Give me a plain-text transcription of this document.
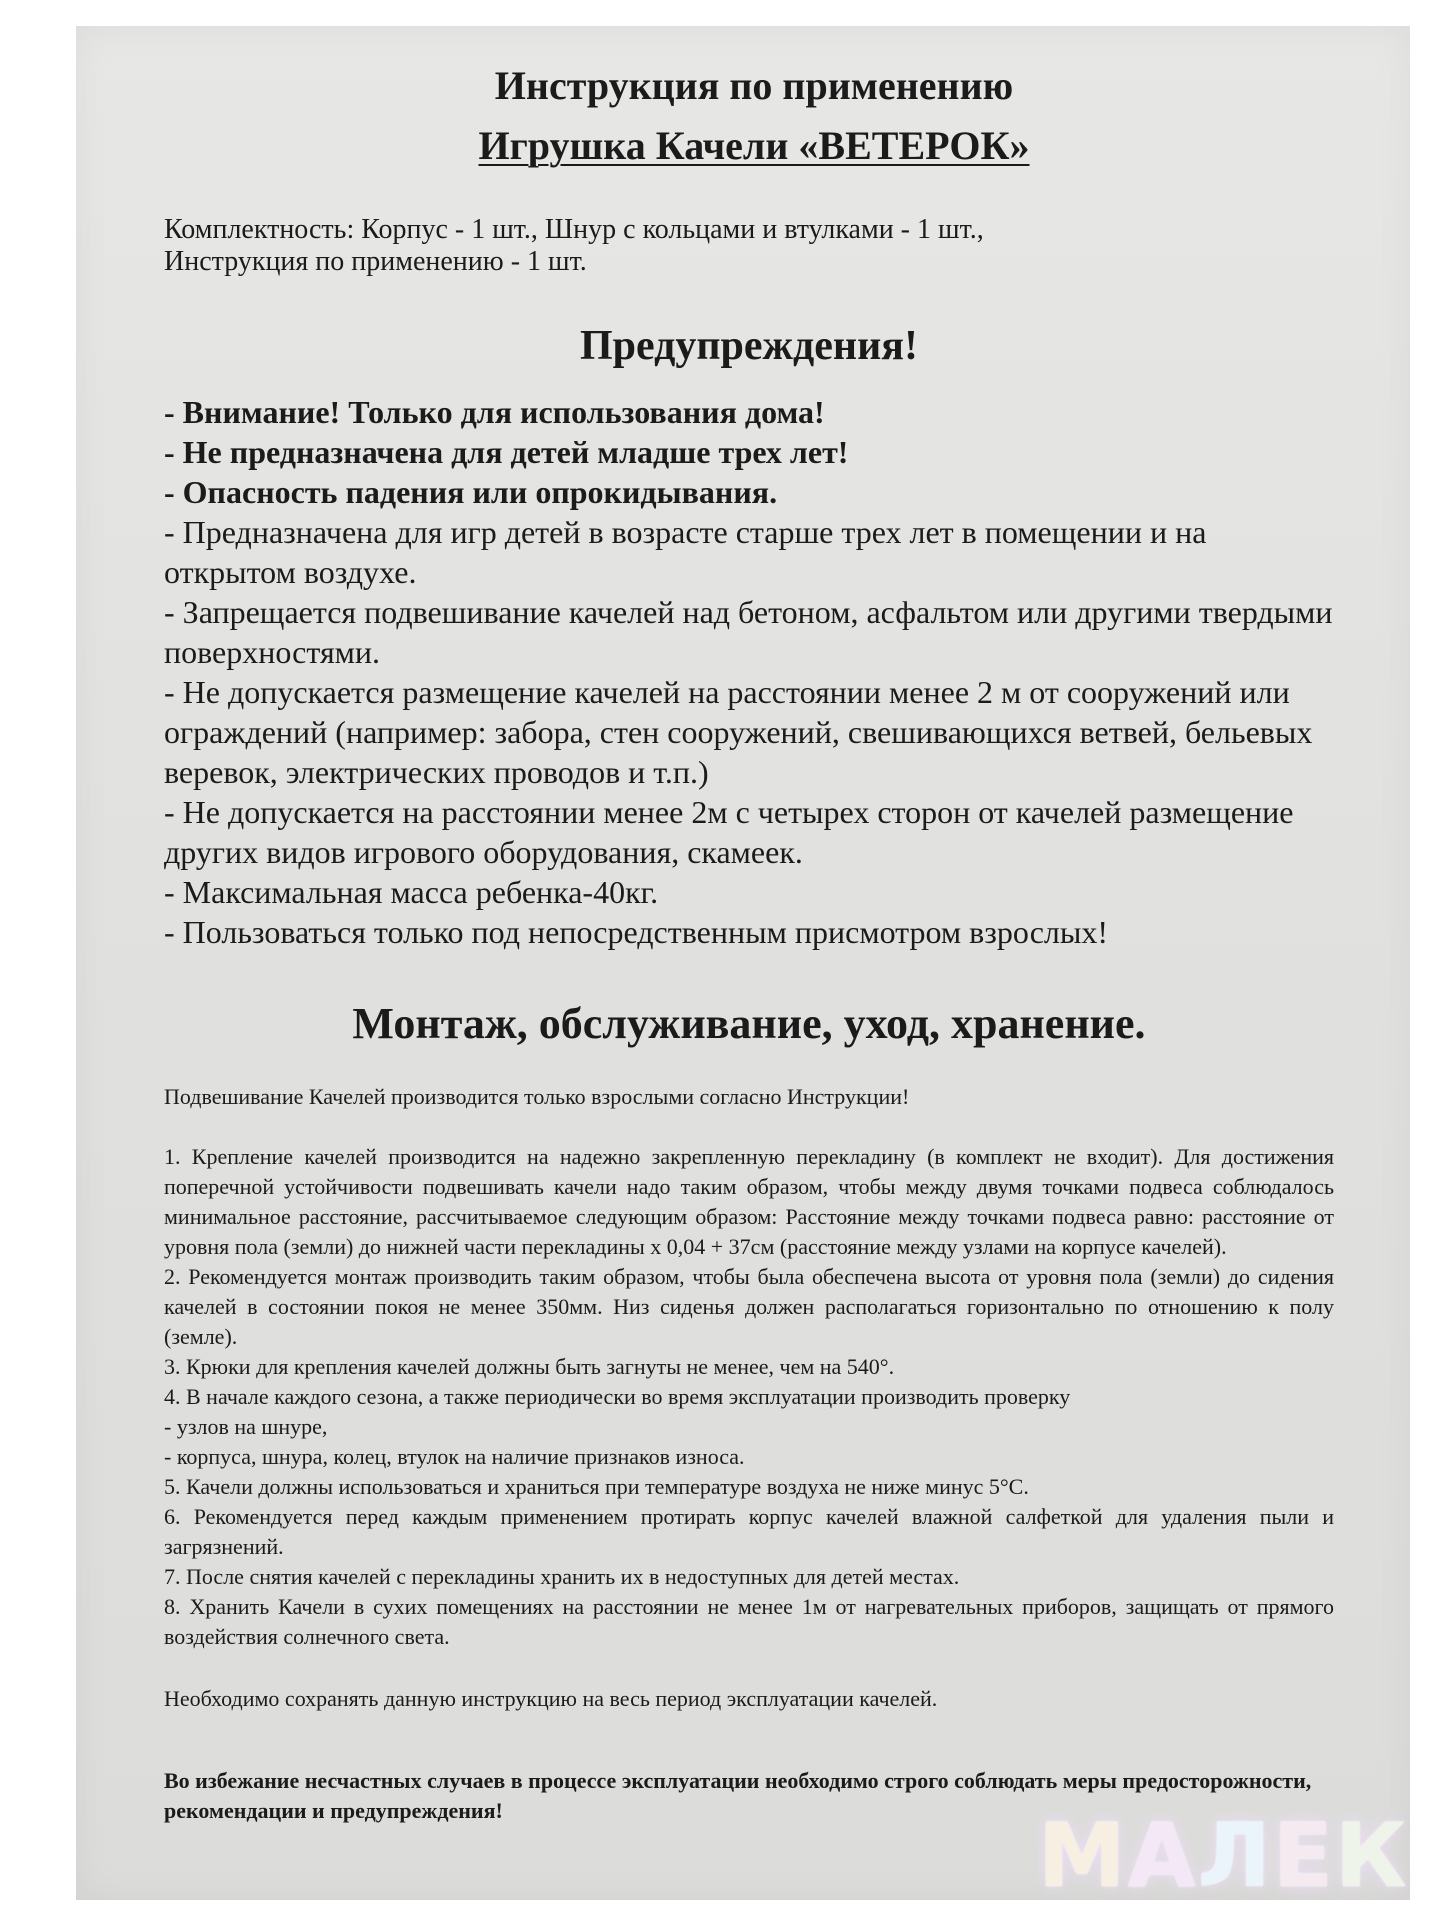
Инструкция по применению
Игрушка Качели «ВЕТЕРОК»

Комплектность: Корпус - 1 шт., Шнур с кольцами и втулками - 1 шт.,
Инструкция по применению - 1 шт.

Предупреждения!
- Внимание! Только для использования дома!
- Не предназначена для детей младше трех лет!
- Опасность падения или опрокидывания.
- Предназначена для игр детей в возрасте старше трех лет в помещении и на открытом воздухе.
- Запрещается подвешивание качелей над бетоном, асфальтом или другими твердыми поверхностями.
- Не допускается размещение качелей на расстоянии менее 2 м от сооружений или ограждений (например: забора, стен сооружений, свешивающихся ветвей, бельевых веревок, электрических проводов и т.п.)
- Не допускается на расстоянии менее 2м с четырех сторон от качелей размещение других видов игрового оборудования, скамеек.
- Максимальная масса ребенка-40кг.
- Пользоваться только под непосредственным присмотром взрослых!
Монтаж, обслуживание, уход, хранение.

Подвешивание Качелей производится только взрослыми согласно Инструкции!

1. Крепление качелей производится на надежно закрепленную перекладину (в комплект не входит). Для достижения поперечной устойчивости подвешивать качели надо таким образом, чтобы между двумя точками подвеса соблюдалось минимальное расстояние, рассчитываемое следующим образом: Расстояние между точками подвеса равно: расстояние от уровня пола (земли) до нижней части перекладины х 0,04 + 37см (расстояние между узлами на корпусе качелей).
2. Рекомендуется монтаж производить таким образом, чтобы была обеспечена высота от уровня пола (земли) до сидения качелей в состоянии покоя не менее 350мм. Низ сиденья должен располагаться горизонтально по отношению к полу (земле).
3. Крюки для крепления качелей должны быть загнуты не менее, чем на 540°.
4. В начале каждого сезона, а также периодически во время эксплуатации производить проверку
- узлов на шнуре,
- корпуса, шнура, колец, втулок на наличие признаков износа.
5. Качели должны использоваться и храниться при температуре воздуха не ниже минус 5°С.
6. Рекомендуется перед каждым применением протирать корпус качелей влажной салфеткой для удаления пыли и загрязнений.
7. После снятия качелей с перекладины хранить их в недоступных для детей местах.
8. Хранить Качели в сухих помещениях на расстоянии не менее 1м от нагревательных приборов, защищать от прямого воздействия солнечного света.

Необходимо сохранять данную инструкцию на весь период эксплуатации качелей.

Во избежание несчастных случаев в процессе эксплуатации необходимо строго соблюдать меры предосторожности, рекомендации и предупреждения!	МАЛЕК
